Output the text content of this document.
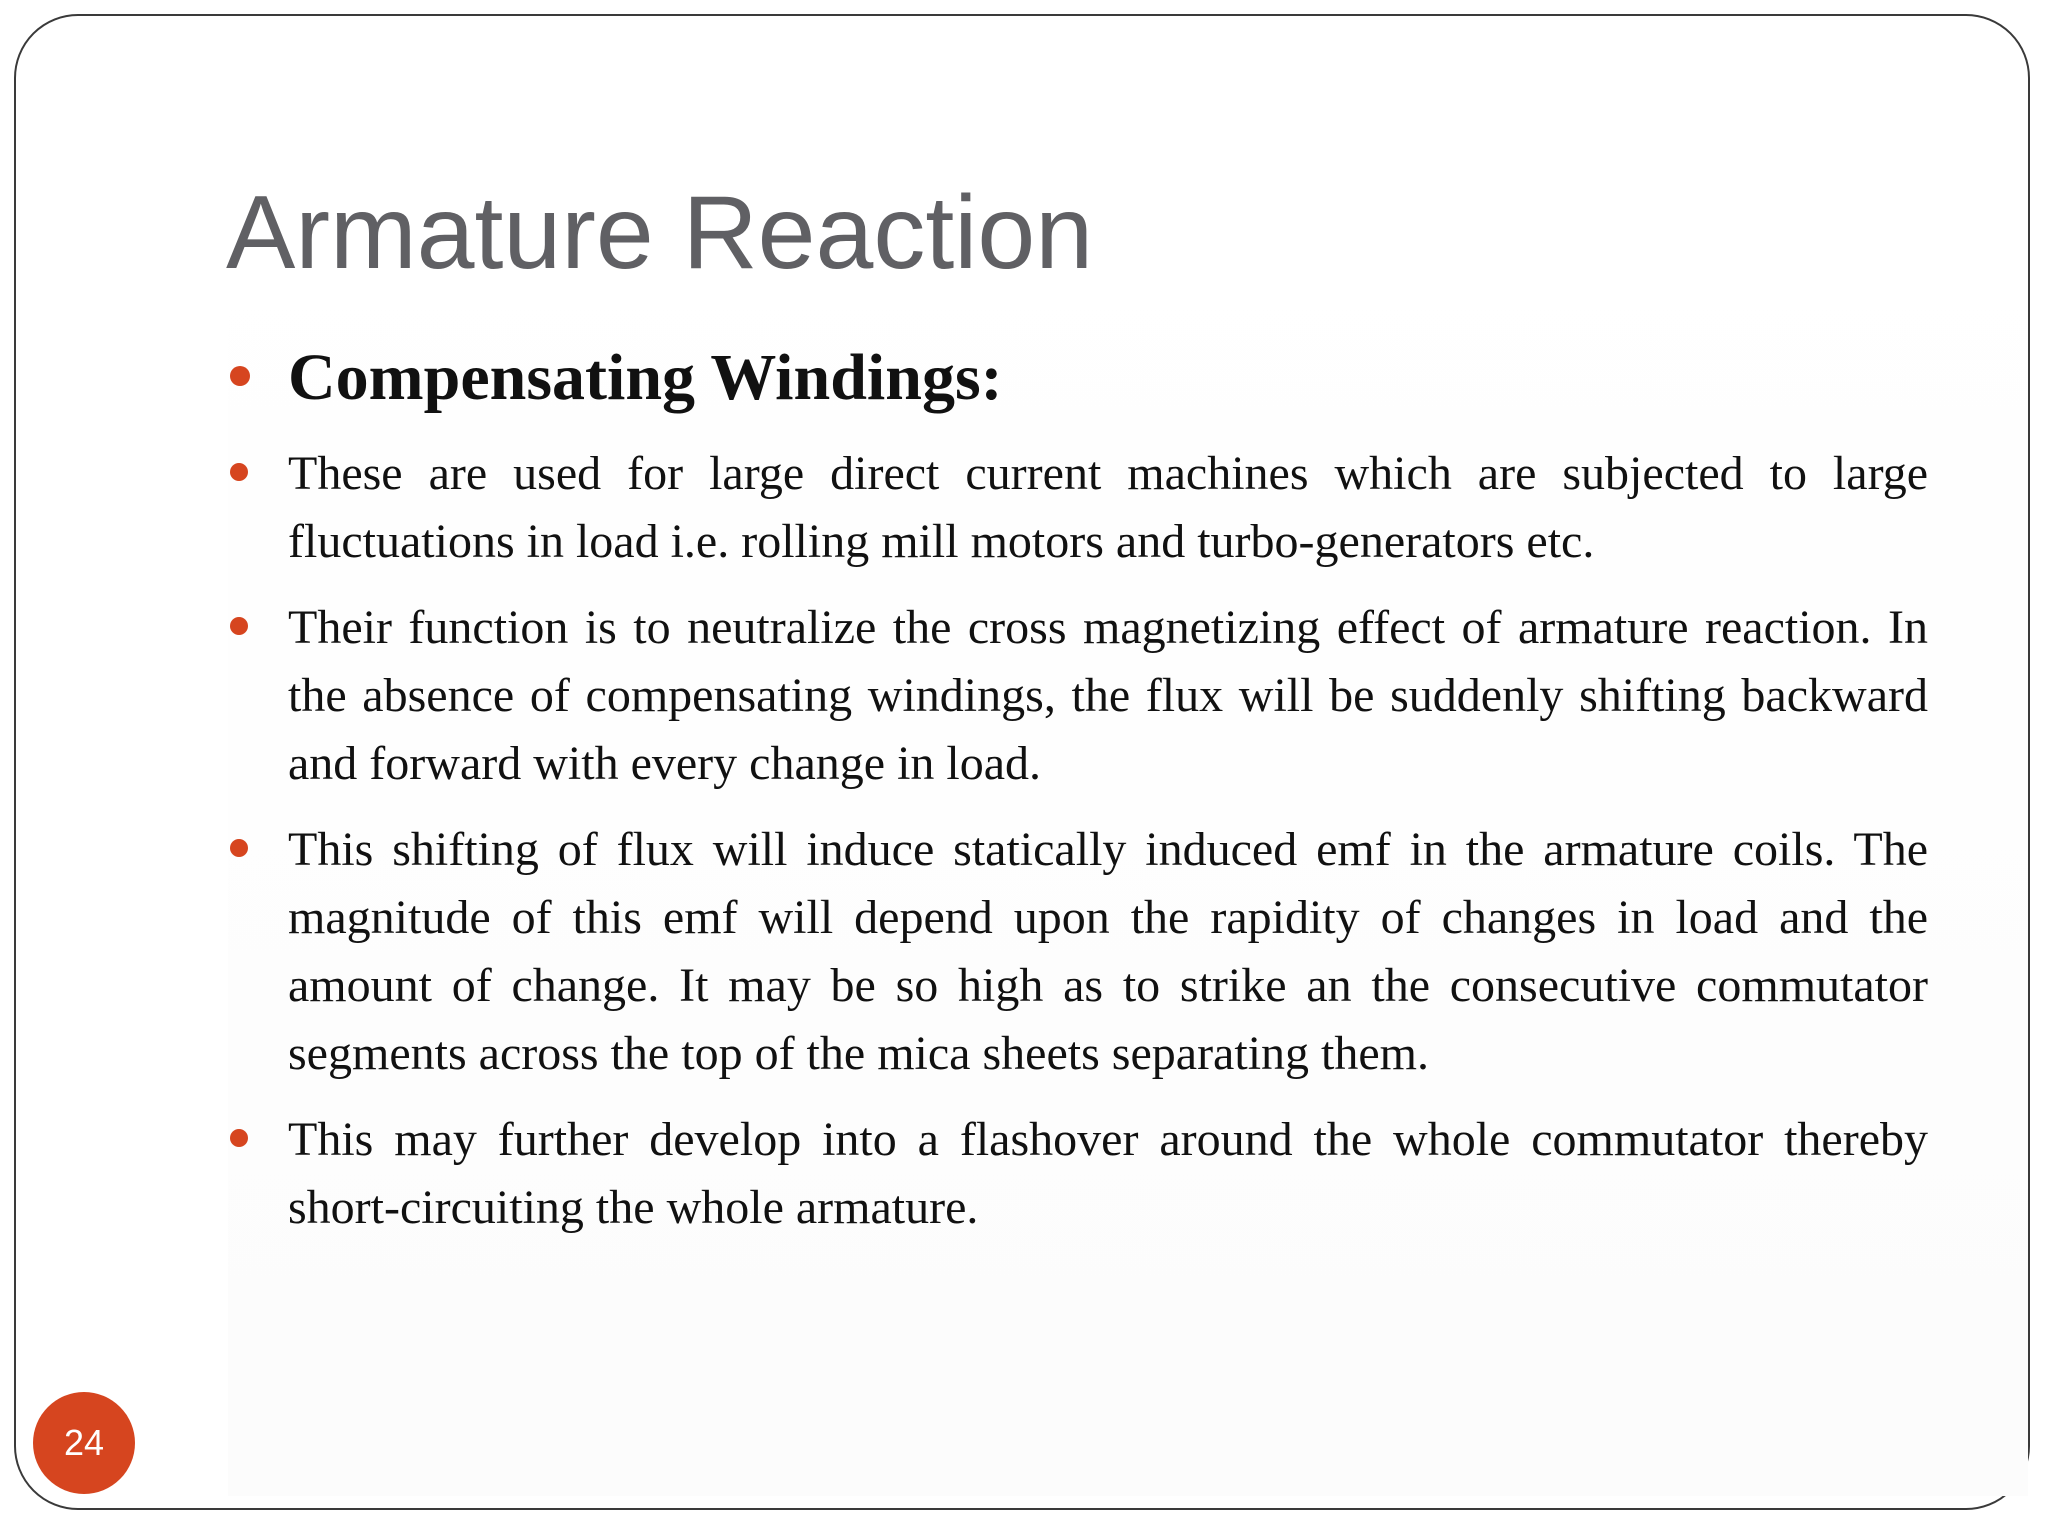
Armature Reaction
Compensating Windings:
These are used for large direct current machines which are subjected to large fluctuations in load i.e. rolling mill motors and turbo-generators etc.
Their function is to neutralize the cross magnetizing effect of armature reaction. In the absence of compensating windings, the flux will be suddenly shifting backward and forward with every change in load.
This shifting of flux will induce statically induced emf in the armature coils. The magnitude of this emf will depend upon the rapidity of changes in load and the amount of change. It may be so high as to strike an the consecutive commutator segments across the top of the mica sheets separating them.
This may further develop into a flashover around the whole commutator thereby short-circuiting the whole armature.
24
